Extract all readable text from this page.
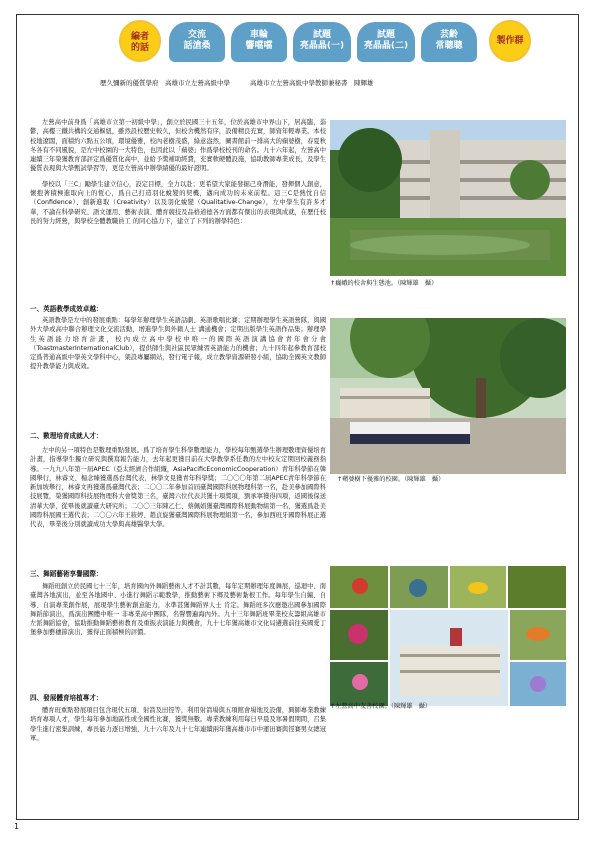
編者
的話
交流
話滄桑
車輪
響噹噹
試題
亮晶晶(一)
試題
亮晶晶(二)
芸齡
常聰聰	製作群
歷久彌新的優質學府　高雄市立左營高級中學	高雄市立左營高級中學教師兼秘書　陳輝雄

左營高中前身爲「高雄市立第一初級中學」，創立於民國三十五年，位於高雄市中界山下，居高臨，蓊鬱，高樓三鐵共構的交通樞紐，雖然設校歷史較久，但校舍機然有序，設備精良充實，師資年輕專業。本校校地遼闊，面積約六點五公頃，環境優雅，校內老樹茂盛，綠意盎然，圖書館前一排高大的蘋婆樹，春夏秋冬各有不同風貌，是左中校園的一大特色，也因此以「蘋婆」作爲學校校刊的命名。九十六年起，左營高中連續三年榮獲教育部評定爲優質化高中，並給予獎補助經費，充實軟硬體設施，協助教師專業成長，及學生優質表現與大學甄試學習等，更是左營高中辦學績優的最好證明。

學校以「三C」勵學生建立信心，設定目標，全力以赴；更希望大家能發掘己身潛能，發揮個人創意，懷抱著積極進取向上的恆心，爲自己打造羽化蛻變的契機，邁向成功的未來前程。這三C是熱忱自信（Confidence）、創新進取（Creativity）以及羽化蛻變（Qualitative-Change），左中學生有許多才華，不論在科學研究、語文運用、藝術表演、體育競技及品格道德各方面都有傑出的表現與成就，在歷任校長的努力經營，與學校全體教職員工 的同心協力下，建立了下列的辦學特色：

↑巍峨的校舍與生態池。（陳輝雄　攝）
一、英語教學成效卓越：

英語教學是左中的發展重點：每學年辦理學生英語話劇、英語歌唱比賽；定期辦理學生英語營隊，與國外大學或高中聯合辦理文化交流活動，增進學生與外籍人士 溝通機會；定期出版學生英語作品集；辦理學生英語能力培育計畫，校內成立高中學校中唯一的國際英語演講協會青年會分會（ToastmasterInternationalClub），提供師生與社區民眾練習英語能力的機會；九十四年起參教育部校定爲普通高級中學英文學科中心，架設專屬網站，發行電子報，成立教學資源研發小組，協助全國英文教師提升教學能力與成效。

↑蘋婆樹下優雅的校園。（陳輝雄　攝）
二、數理培育成就人才：

左中的另一項特色是數理重點發展。爲了培育學生科學數理能力，學校每年甄選學生辦理數理資優培育計畫，指導學生獨立研究與撰寫報告能力，去年起更獲目前在大學教學系任教的左中校友定期回校義務指導。一九九八年第一屆APEC（亞太經濟合作組織，AsiaPacificEconomicCooperation）青年科學節在韓國舉行，林睿文、楊念臻獲選爲台灣代表，林學文見獲青年科學獎；二〇〇〇年第二屆APEC青年科學節在新加坡舉行，林睿文再獲選爲臺灣代表；二〇〇二年參加首屆臺灣國際科展物理科第一名，赴美參加國際科技展覽，榮獲國際科技展物理科大會獎第三名，臺灣六位代表共獲十項獎項，劉承寧獲得四項，返國後保送清華大學，從畢後就讀臺大研究所；二〇〇三年陳乙仁、蔡佩娟獲臺灣國際科展動物組第一名，獲選爲赴美國際科展國王選代表；二〇〇六年王筱婷、趙貞旋獲臺灣國際科展物理組第一名，參加西班牙國際科展正選代表，畢業後分別就讀成功大學與高雄醫學大學。

三、舞蹈藝術享譽國際：

舞蹈班創立於民國七十三年，培育國內外舞蹈藝術人才不計其數，每年定期辦理年度舞展，巡迴中、南臺灣各地演出，並至各地國中、小進行舞蹈示範教學，推動藝術下鄉及藝術紮根工作。每年學生自編、自導、自演專業創作展，展現學生藝術創意能力，水準甚獲舞蹈界人士 肯定。舞蹈班多次應邀出國參加國際舞蹈節演出，爲演出團體中唯一 非專業高中團隊，名聲響遍海內外。九十三年舞蹈班畢業校友籌組高雄市左派舞蹈協會，協助推動舞蹈藝術教育及重振表演能力與機會，九十七年獲高雄市文化局遴選前往英國愛丁堡參加藝穗節演出，獲得正面積極的評價。

↑左營高中友善校園。（陳輝雄　攝）
四、發展體育培植專才：

體育班重點發展項目包含現代五項、射箭及田徑等，利用射箭場與五項館會場地及設備，興師專業教練培育專項人才，學生每年參加地區性或全國性比賽，獲獎無數。專業教練利用每日早晨及寒暑假期間，召集學生進行密集訓練，專長能力逐日增強，九十六年及九十七年連續兩年獲高雄市市中運田賽與徑賽男女總冠軍。

1
